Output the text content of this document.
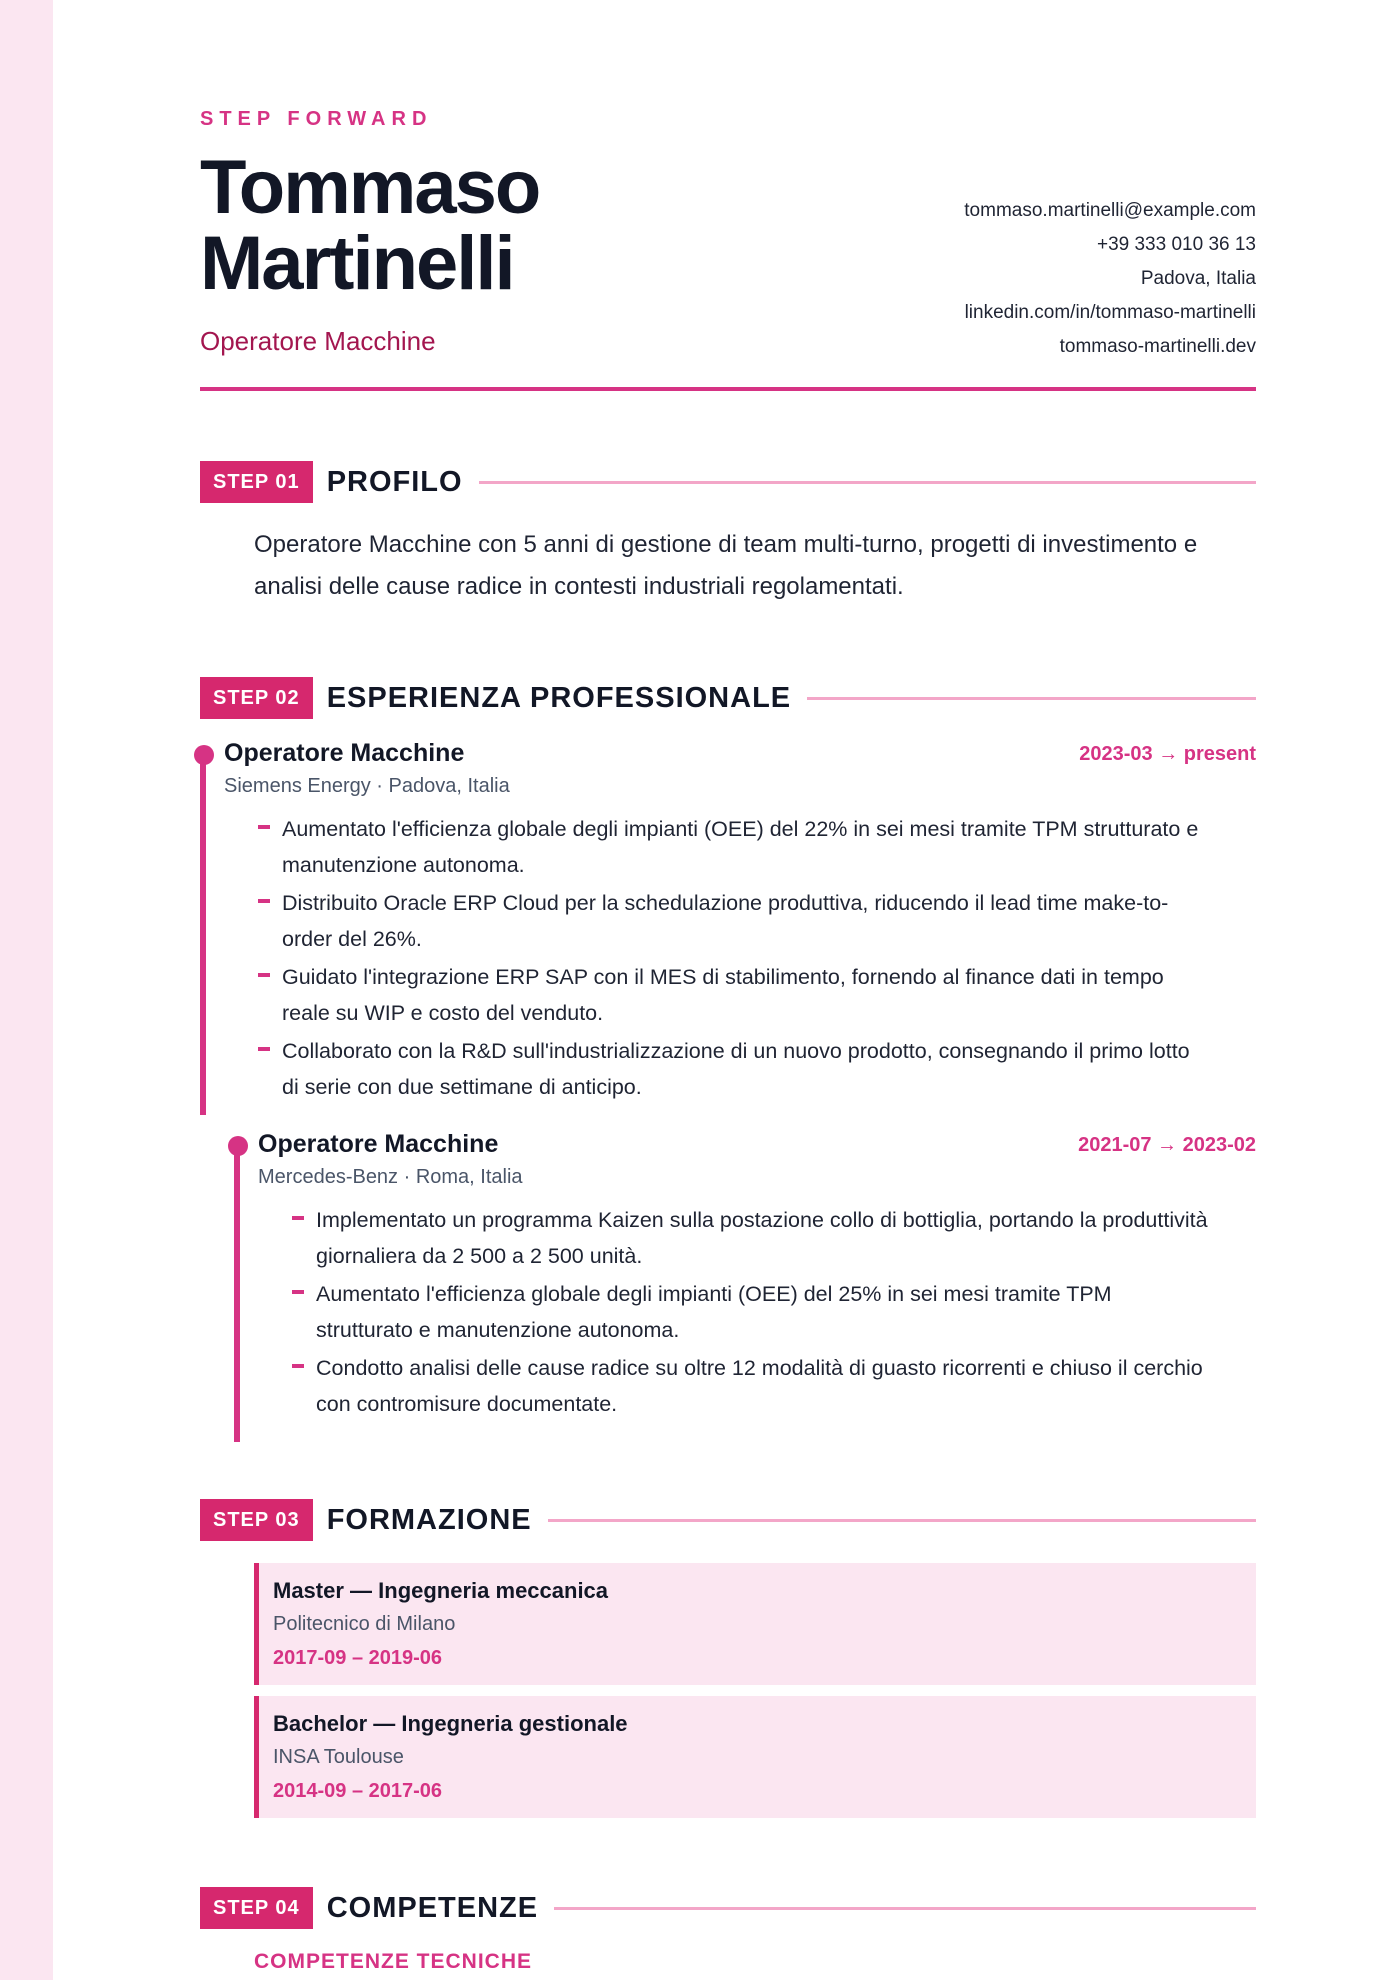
STEP FORWARD
Tommaso
Martinelli
Operatore Macchine
tommaso.martinelli@example.com
+39 333 010 36 13
Padova, Italia
linkedin.com/in/tommaso-martinelli
tommaso-martinelli.dev
STEP 01 PROFILO
Operatore Macchine con 5 anni di gestione di team multi-turno, progetti di investimento e analisi delle cause radice in contesti industriali regolamentati.
STEP 02 ESPERIENZA PROFESSIONALE
Operatore Macchine	2023-03 → present
Siemens Energy · Padova, Italia
Aumentato l'efficienza globale degli impianti (OEE) del 22% in sei mesi tramite TPM strutturato e manutenzione autonoma.
Distribuito Oracle ERP Cloud per la schedulazione produttiva, riducendo il lead time make-to-order del 26%.
Guidato l'integrazione ERP SAP con il MES di stabilimento, fornendo al finance dati in tempo reale su WIP e costo del venduto.
Collaborato con la R&D sull'industrializzazione di un nuovo prodotto, consegnando il primo lotto di serie con due settimane di anticipo.
Operatore Macchine	2021-07 → 2023-02
Mercedes-Benz · Roma, Italia
Implementato un programma Kaizen sulla postazione collo di bottiglia, portando la produttività giornaliera da 2 500 a 2 500 unità.
Aumentato l'efficienza globale degli impianti (OEE) del 25% in sei mesi tramite TPM strutturato e manutenzione autonoma.
Condotto analisi delle cause radice su oltre 12 modalità di guasto ricorrenti e chiuso il cerchio con contromisure documentate.
STEP 03 FORMAZIONE
Master — Ingegneria meccanica
Politecnico di Milano
2017-09 – 2019-06
Bachelor — Ingegneria gestionale
INSA Toulouse
2014-09 – 2017-06
STEP 04 COMPETENZE
COMPETENZE TECNICHE
